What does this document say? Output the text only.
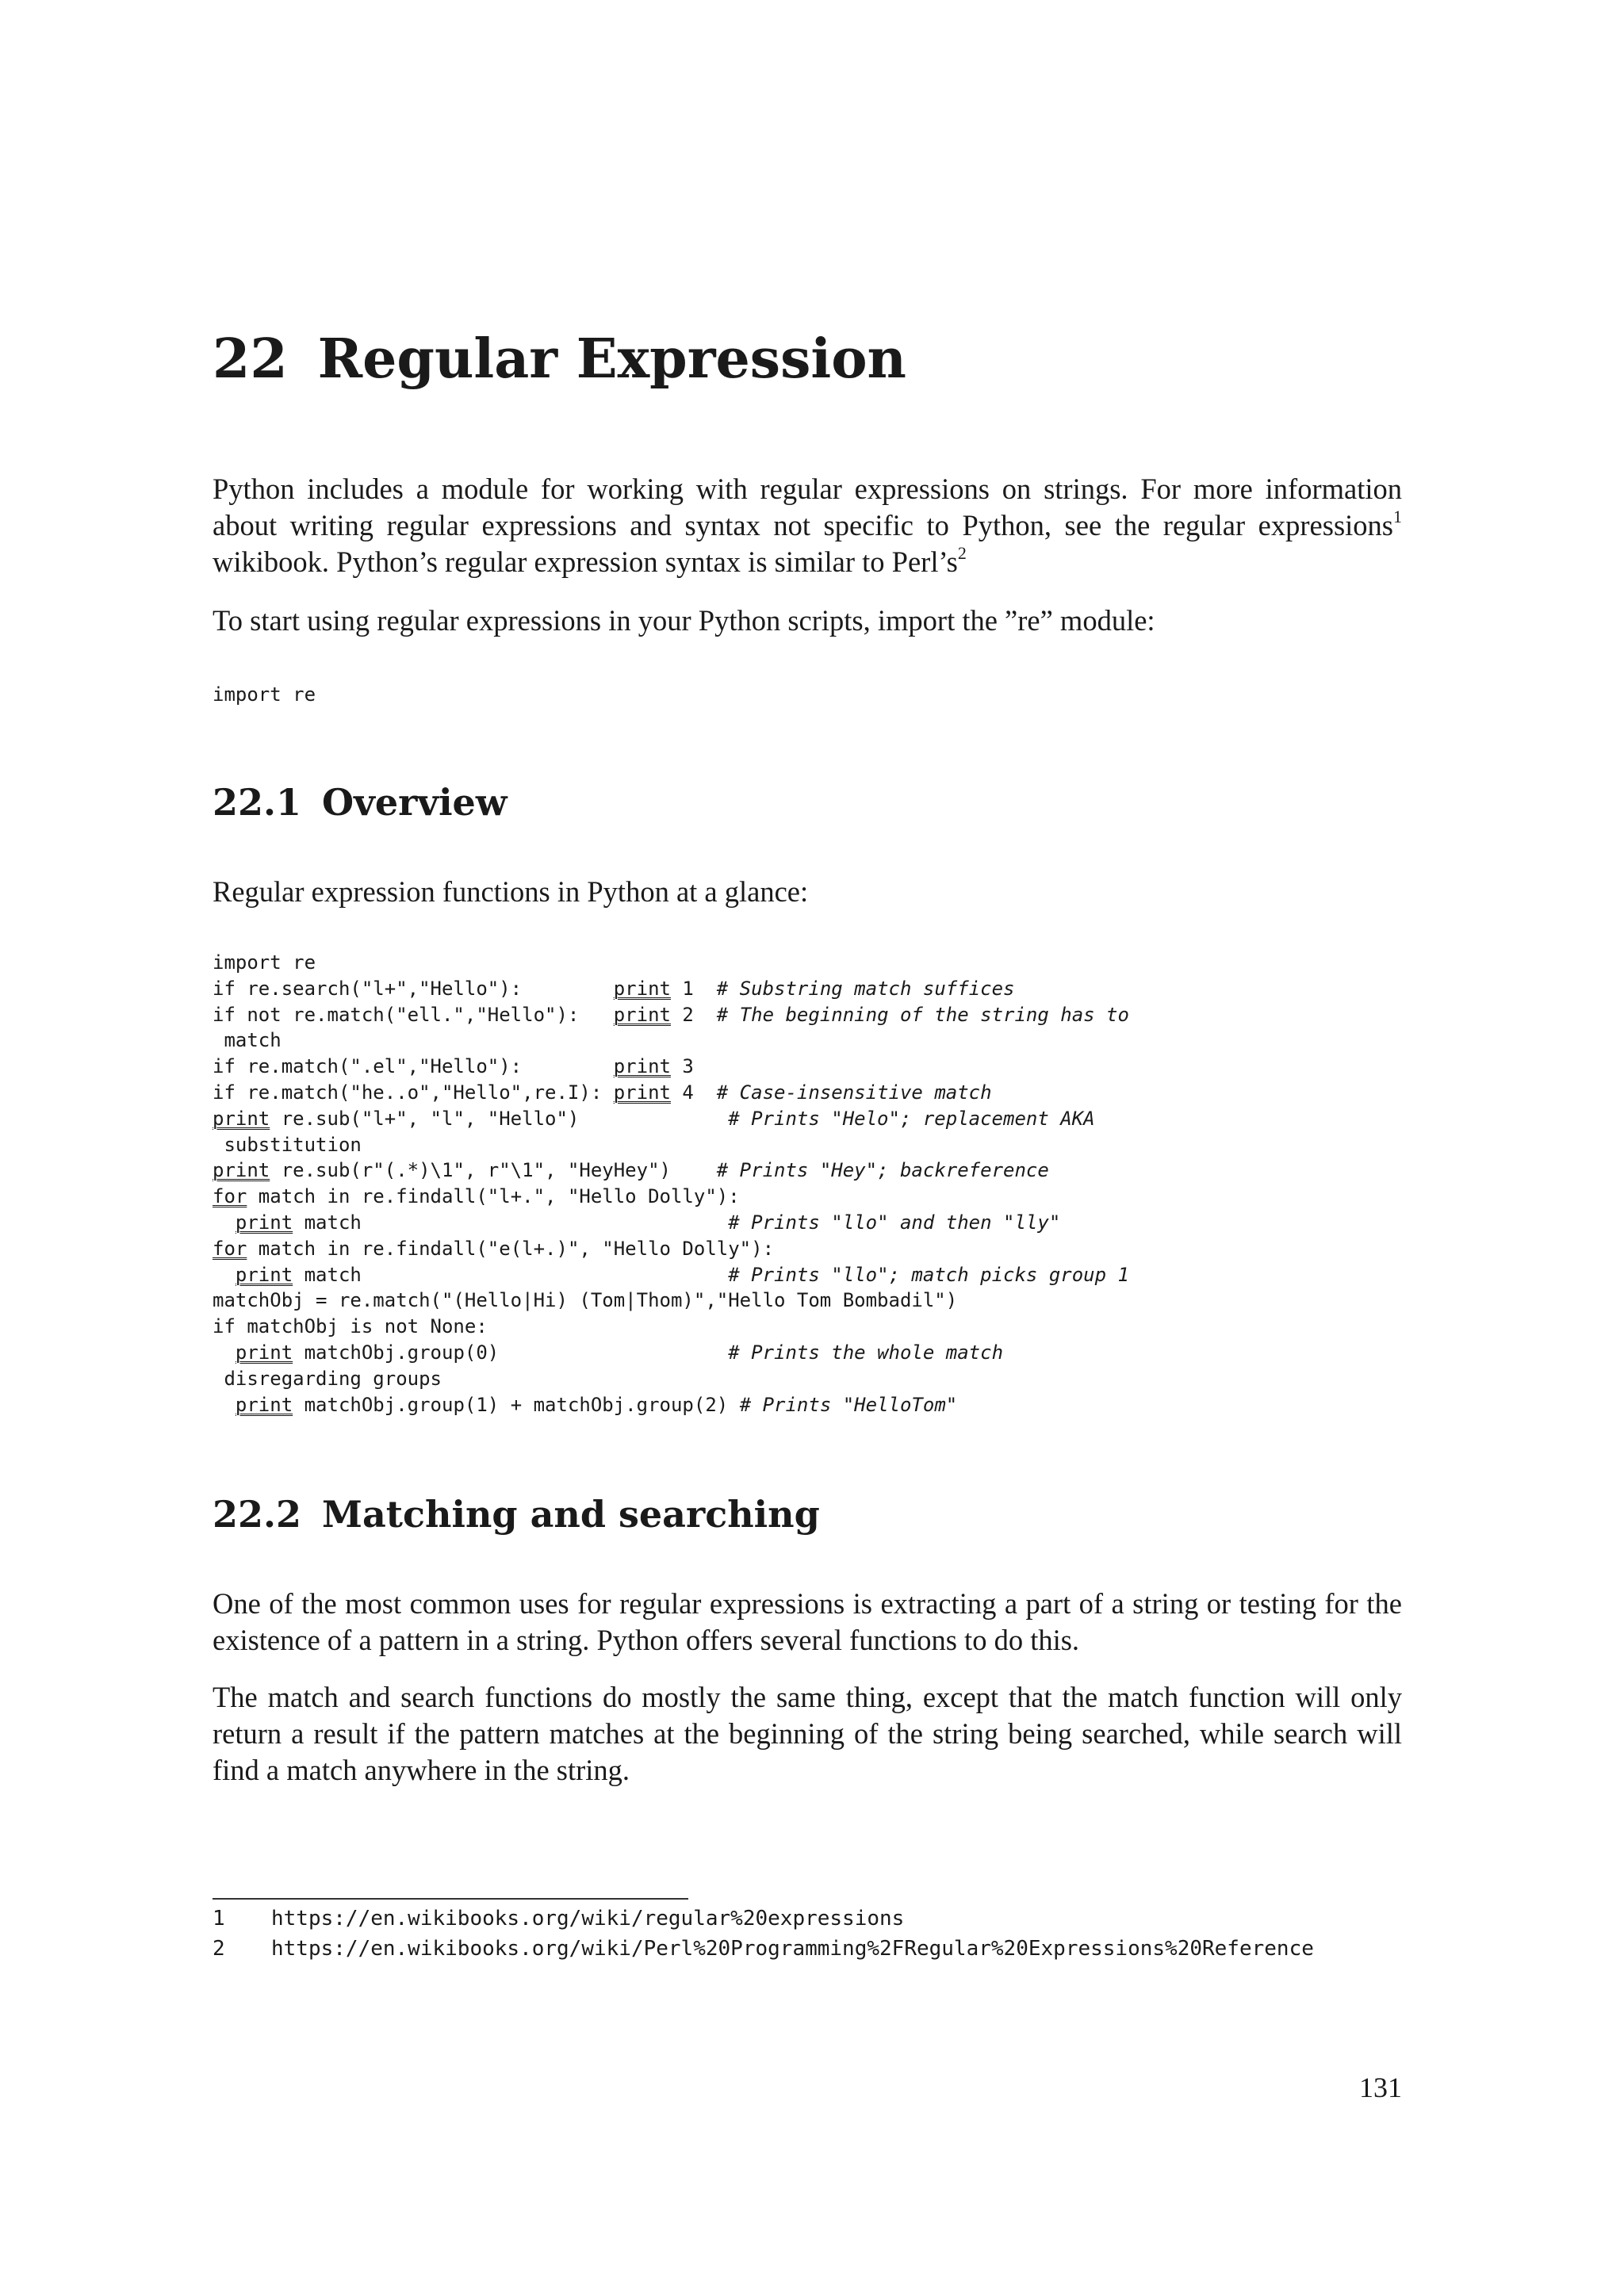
22 Regular Expression

Python includes a module for working with regular expressions on strings. For more information about writing regular expressions and syntax not specific to Python, see the regular expressions$^1$ wikibook. Python’s regular expression syntax is similar to $Perl’s^2$

To start using regular expressions in your Python scripts, import the ”re” module:

import re
22.1 Overview

Regular expression functions in Python at a glance:

import re
if re.search("l+","Hello"):        print 1  # Substring match suffices
if not re.match("ell.","Hello"):   print 2  # The beginning of the string has to
match
if re.match(".el","Hello"):        print 3
if re.match("he..o","Hello",re.I): print 4  # Case-insensitive match
print re.sub("l+", "l", "Hello")             # Prints "Helo"; replacement AKA
substitution
print re.sub(r"(.*)\1", r"\1", "HeyHey")    # Prints "Hey"; backreference
for match in re.findall("l+.", "Hello Dolly"):
print match                                # Prints "llo" and then "lly"
for match in re.findall("e(l+.)", "Hello Dolly"):
print match                                # Prints "llo"; match picks group 1
matchObj = re.match("(Hello|Hi) (Tom|Thom)","Hello Tom Bombadil")
if matchObj is not None:
print matchObj.group(0)                    # Prints the whole match
disregarding groups
print matchObj.group(1) + matchObj.group(2) # Prints "HelloTom"
22.2 Matching and searching

One of the most common uses for regular expressions is extracting a part of a string or testing for the existence of a pattern in a string. Python offers several functions to do this.

The match and search functions do mostly the same thing, except that the match function will only return a result if the pattern matches at the beginning of the string being searched, while search will find a match anywhere in the string.

1 https://en.wikibooks.org/wiki/regular%20expressions

2 https://en.wikibooks.org/wiki/Perl%20Programming%2FRegular%20Expressions%20Reference

131
